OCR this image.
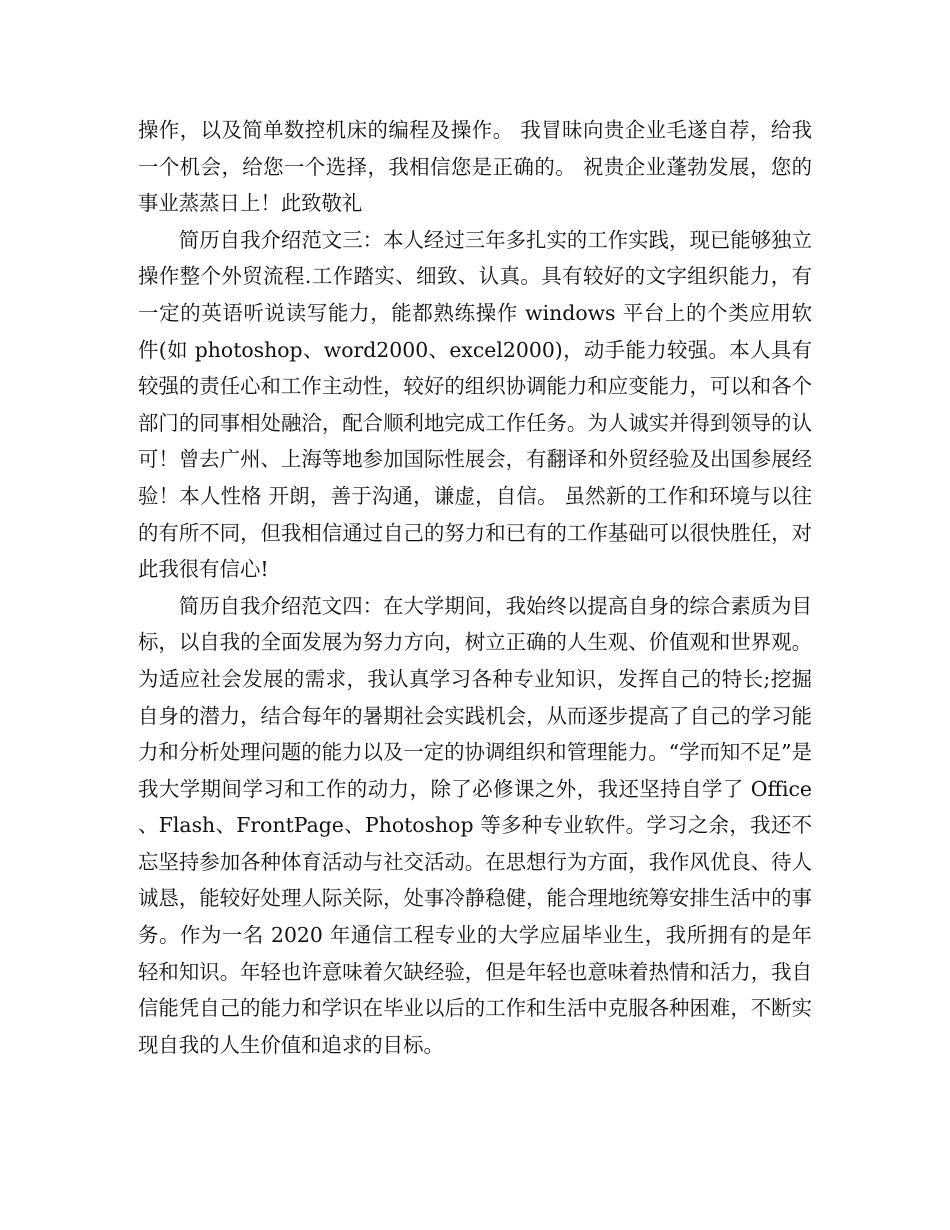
操作，以及简单数控机床的编程及操作。 我冒昧向贵企业毛遂自荐，给我一个机会，给您一个选择，我相信您是正确的。 祝贵企业蓬勃发展，您的事业蒸蒸日上！此致敬礼

简历自我介绍范文三：本人经过三年多扎实的工作实践，现已能够独立操作整个外贸流程.工作踏实、细致、认真。具有较好的文字组织能力，有一定的英语听说读写能力，能都熟练操作 windows 平台上的个类应用软件(如 photoshop、word2000、excel2000)，动手能力较强。本人具有较强的责任心和工作主动性，较好的组织协调能力和应变能力，可以和各个部门的同事相处融洽，配合顺利地完成工作任务。为人诚实并得到领导的认可！曾去广州、上海等地参加国际性展会，有翻译和外贸经验及出国参展经验！本人性格 开朗，善于沟通，谦虚，自信。 虽然新的工作和环境与以往的有所不同，但我相信通过自己的努力和已有的工作基础可以很快胜任，对此我很有信心!

简历自我介绍范文四：在大学期间，我始终以提高自身的综合素质为目标，以自我的全面发展为努力方向，树立正确的人生观、价值观和世界观。为适应社会发展的需求，我认真学习各种专业知识，发挥自己的特长;挖掘自身的潜力，结合每年的暑期社会实践机会，从而逐步提高了自己的学习能力和分析处理问题的能力以及一定的协调组织和管理能力。“学而知不足”是我大学期间学习和工作的动力，除了必修课之外，我还坚持自学了 Office、Flash、FrontPage、Photoshop 等多种专业软件。学习之余，我还不忘坚持参加各种体育活动与社交活动。在思想行为方面，我作风优良、待人诚恳，能较好处理人际关际，处事冷静稳健，能合理地统筹安排生活中的事务。作为一名 2020 年通信工程专业的大学应届毕业生，我所拥有的是年轻和知识。年轻也许意味着欠缺经验，但是年轻也意味着热情和活力，我自信能凭自己的能力和学识在毕业以后的工作和生活中克服各种困难，不断实现自我的人生价值和追求的目标。
